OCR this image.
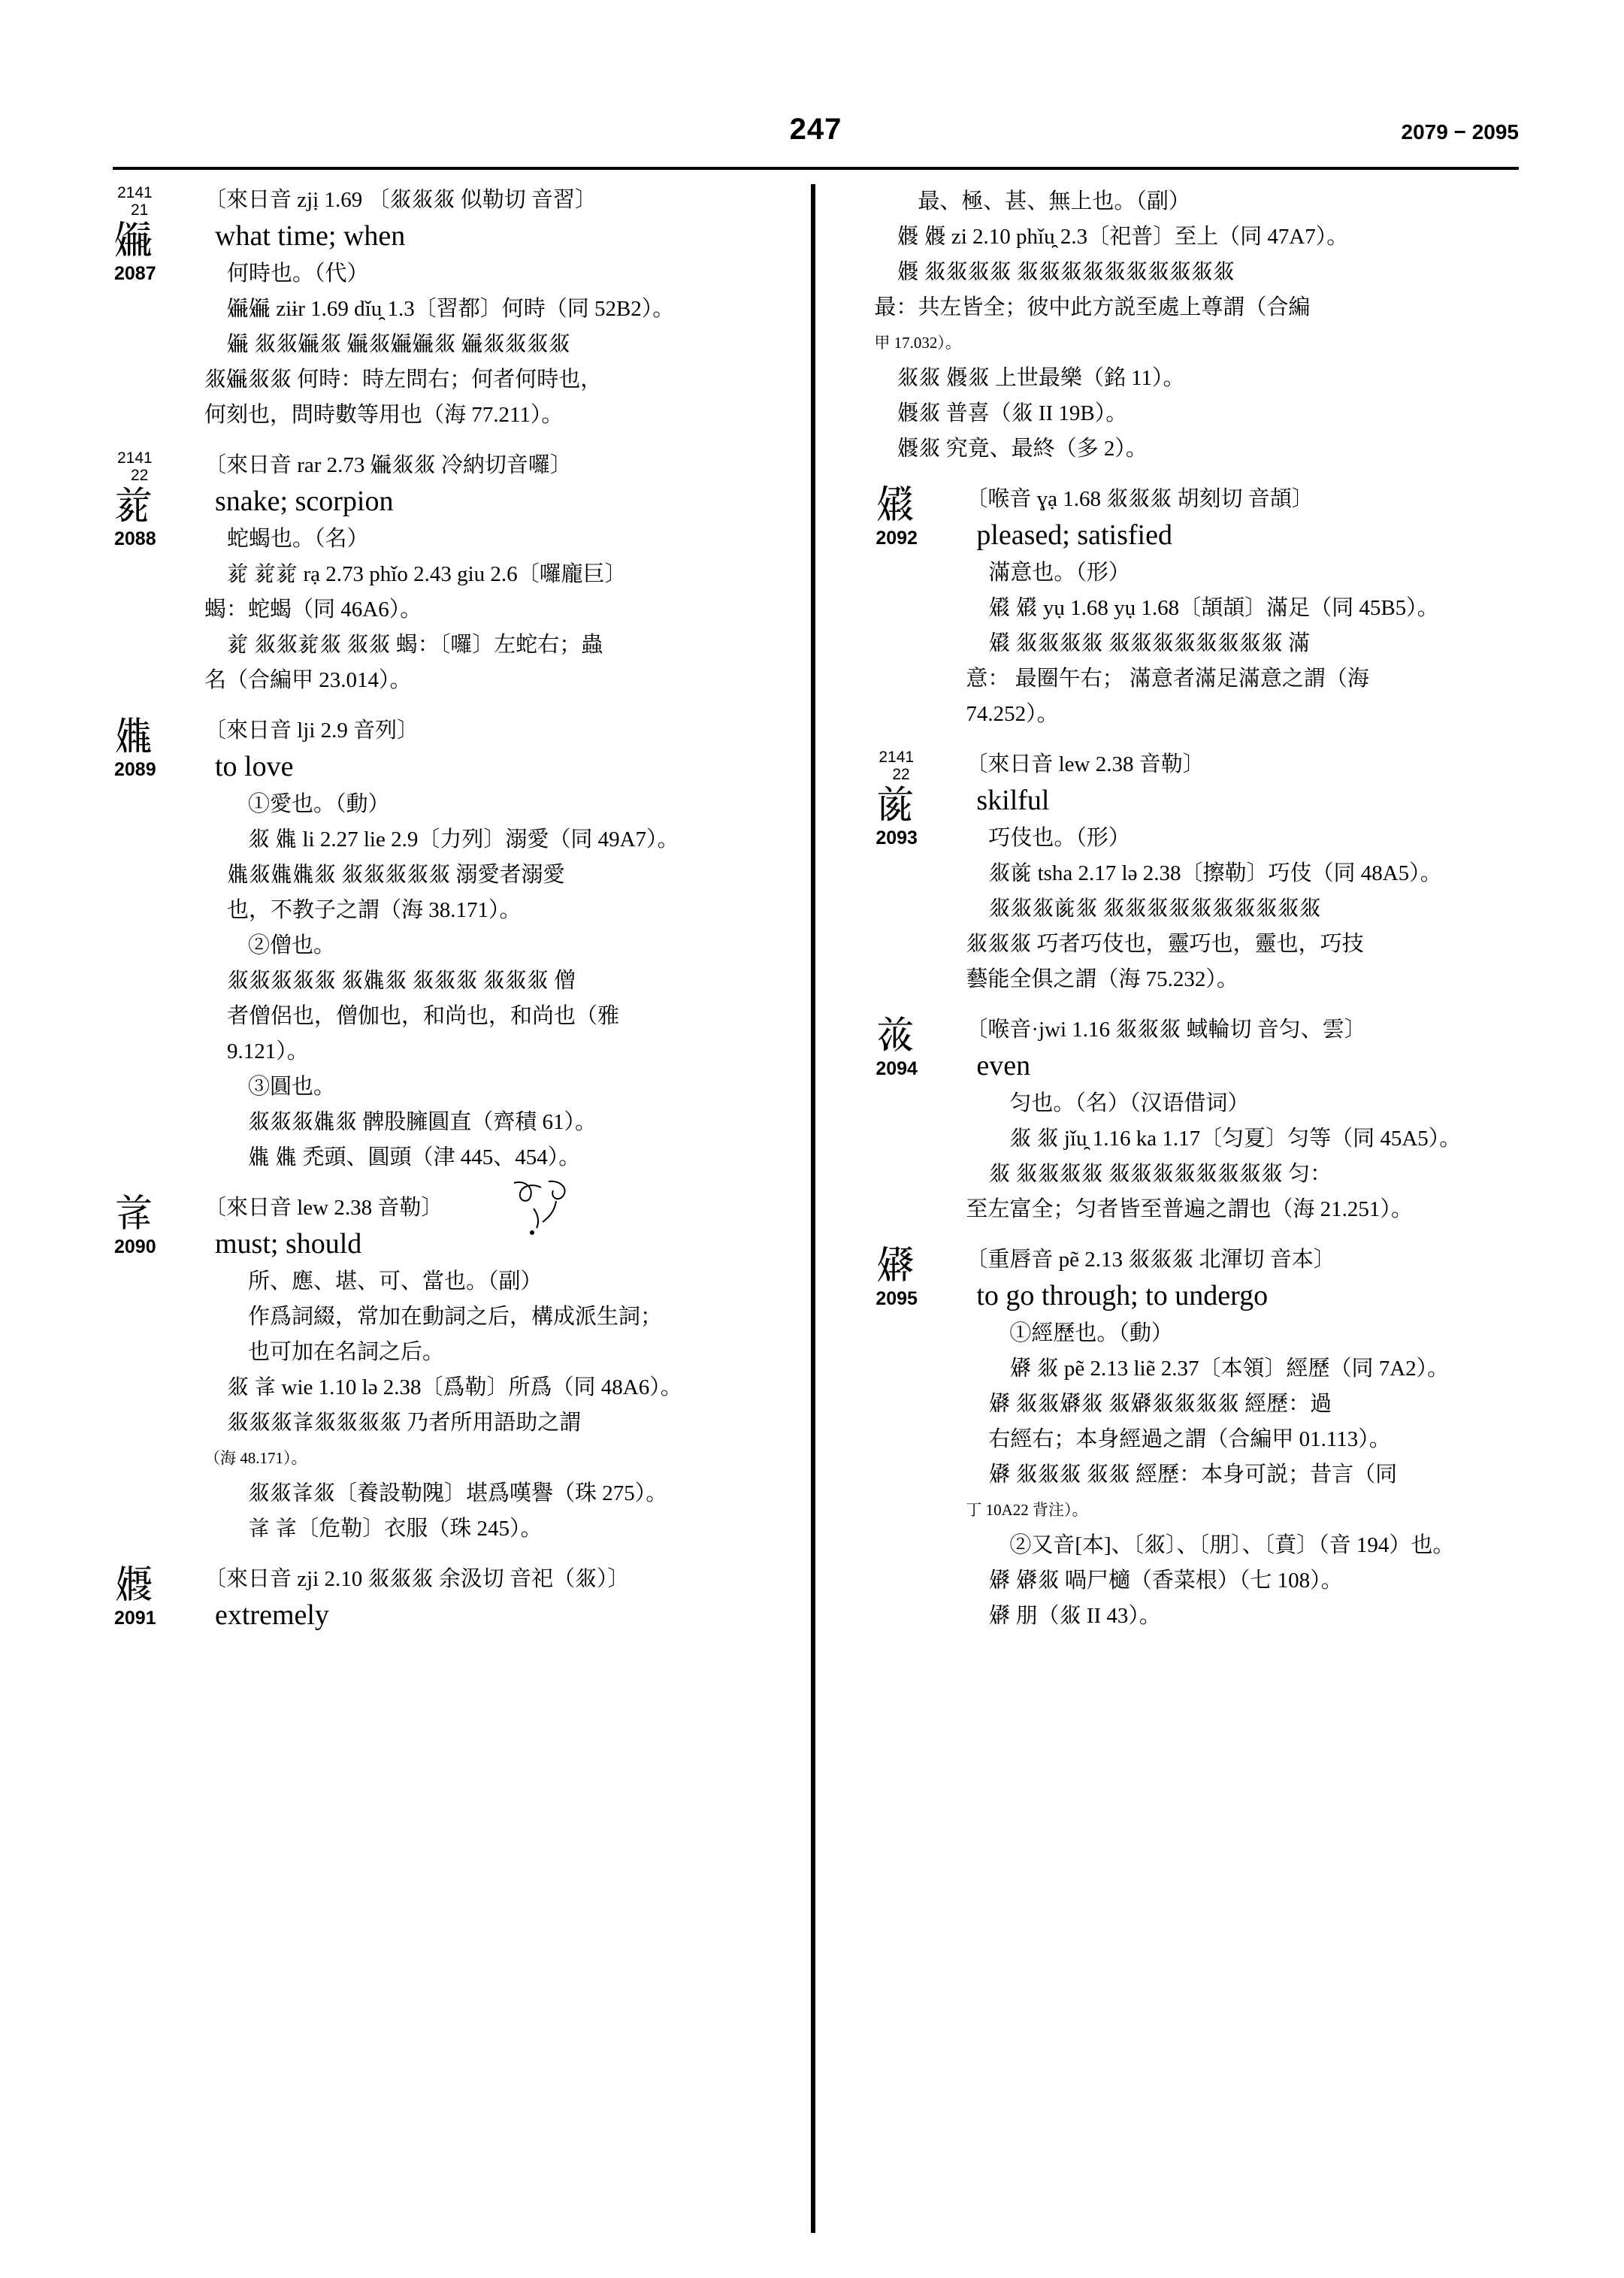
247	2079 − 2095
2141
21
𗏼
2087
〔來日音 zjị 1.69 〔𗼇𗼇𗼇 似勒切 音習〕
what time; when
何時也。（代）
𗏼𗏼 ziɨr 1.69 dǐu̯ 1.3〔習都〕何時（同 52B2）。
𗏼 𗼇𗼇𗏼𗼇 𗏼𗼇𗏼𗏼𗼇 𗏼𗼇𗼇𗼇𗼇
𗼇𗏼𗼇𗼇 何時：時左問右；何者何時也，
何刻也，問時數等用也（海 77.211）。
2141
22
𗐱
2088
〔來日音 rar 2.73 𗏼𗼇𗼇 冷納切音囉〕
snake; scorpion
蛇蝎也。（名）
𗐱 𗐱𗐱 rạ 2.73 phǐo 2.43 giu 2.6〔囉龐巨〕
蝎：蛇蝎（同 46A6）。
𗐱 𗼇𗼇𗐱𗼇 𗼇𗼇 蝎：〔囉〕左蛇右；蟲
名（合編甲 23.014）。
𗏴
2089
〔來日音 lji 2.9 音列〕
to love
①愛也。（動）
𗼇 𗏴 li 2.27 lie 2.9〔力列〕溺愛（同 49A7）。
𗏴𗼇𗏴𗏴𗼇 𗼇𗼇𗼇𗼇𗼇 溺愛者溺愛
也，不教子之謂（海 38.171）。
②僧也。
𗼇𗼇𗼇𗼇𗼇 𗼇𗏴𗼇 𗼇𗼇𗼇 𗼇𗼇𗼇 僧
者僧侶也，僧伽也，和尚也，和尚也（雅
9.121）。
③圓也。
𗼇𗼇𗼇𗏴𗼇 髀股臃圓直（齊積 61）。
𗏴 𗏴 禿頭、圓頭（津 445、454）。
𗐰
2090
〔來日音 lew 2.38 音勒〕
must; should
所、應、堪、可、當也。（副）
作爲詞綴，常加在動詞之后，構成派生詞；
也可加在名詞之后。
𗼇 𗐰 wie 1.10 lə 2.38〔爲勒〕所爲（同 48A6）。
𗼇𗼇𗼇𗐰𗼇𗼇𗼇𗼇 乃者所用語助之謂
（海 48.171）。
𗼇𗼇𗐰𗼇〔養設勒隗〕堪爲嘆譽（珠 275）。
𗐰 𗐰〔危勒〕衣服（珠 245）。
𗏻
2091
〔來日音 zji 2.10 𗼇𗼇𗼇 余汲切 音祀（𗼇）〕
extremely
最、極、甚、無上也。（副）
𗏻 𗏻 zi 2.10 phǐu̯ 2.3〔祀普〕至上（同 47A7）。
𗏻 𗼇𗼇𗼇𗼇 𗼇𗼇𗼇𗼇𗼇𗼇𗼇𗼇𗼇𗼇
最：共左皆全；彼中此方説至處上尊謂（合編
甲 17.032）。
𗼇𗼇 𗏻𗼇 上世最樂（銘 11）。
𗏻𗼇 普喜（𗼇 II 19B）。
𗏻𗼇 究竟、最終（多 2）。
𗏺
2092
〔喉音 ɣạ 1.68 𗼇𗼇𗼇 胡刻切 音頡〕
pleased; satisfied
滿意也。（形）
𗏺 𗏺 yụ 1.68 yụ 1.68〔頡頡〕滿足（同 45B5）。
𗏺 𗼇𗼇𗼇𗼇 𗼇𗼇𗼇𗼇𗼇𗼇𗼇𗼇 滿
意： 最圈午右； 滿意者滿足滿意之謂（海
74.252）。
2141
22
𗐯
2093
〔來日音 lew 2.38 音勒〕
skilful
巧伎也。（形）
𗼇𗐯 tsha 2.17 lə 2.38〔擦勒〕巧伎（同 48A5）。
𗼇𗼇𗼇𗐯𗼇 𗼇𗼇𗼇𗼇𗼇𗼇𗼇𗼇𗼇𗼇
𗼇𗼇𗼇 巧者巧伎也，靈巧也，靈也，巧技
藝能全俱之謂（海 75.232）。
𗐲
2094
〔喉音·jwi 1.16 𗼇𗼇𗼇 蜮輪切 音匀、雲〕
even
匀也。（名）（汉语借词）
𗼇 𗼇 jǐu̯ 1.16 ka 1.17〔匀夏〕匀等（同 45A5）。
𗼇 𗼇𗼇𗼇𗼇 𗼇𗼇𗼇𗼇𗼇𗼇𗼇𗼇 匀：
至左富全；匀者皆至普遍之謂也（海 21.251）。
𗏽
2095
〔重唇音 pẽ 2.13 𗼇𗼇𗼇 北渾切 音本〕
to go through; to undergo
①經歷也。（動）
𗏽 𗼇 pẽ 2.13 liẽ 2.37〔本領〕經歷（同 7A2）。
𗏽 𗼇𗼇𗏽𗼇 𗼇𗏽𗼇𗼇𗼇𗼇 經歷：過
右經右；本身經過之謂（合編甲 01.113）。
𗏽 𗼇𗼇𗼇 𗼇𗼇 經歷：本身可説；昔言（同
丁 10A22 背注）。
②又音[本]、〔𗼇〕、〔朋〕、〔賁〕（音 194）也。
𗏽 𗏽𗼇 喎尸㰅（香菜根）（七 108）。
𗏽 朋（𗼇 II 43）。
